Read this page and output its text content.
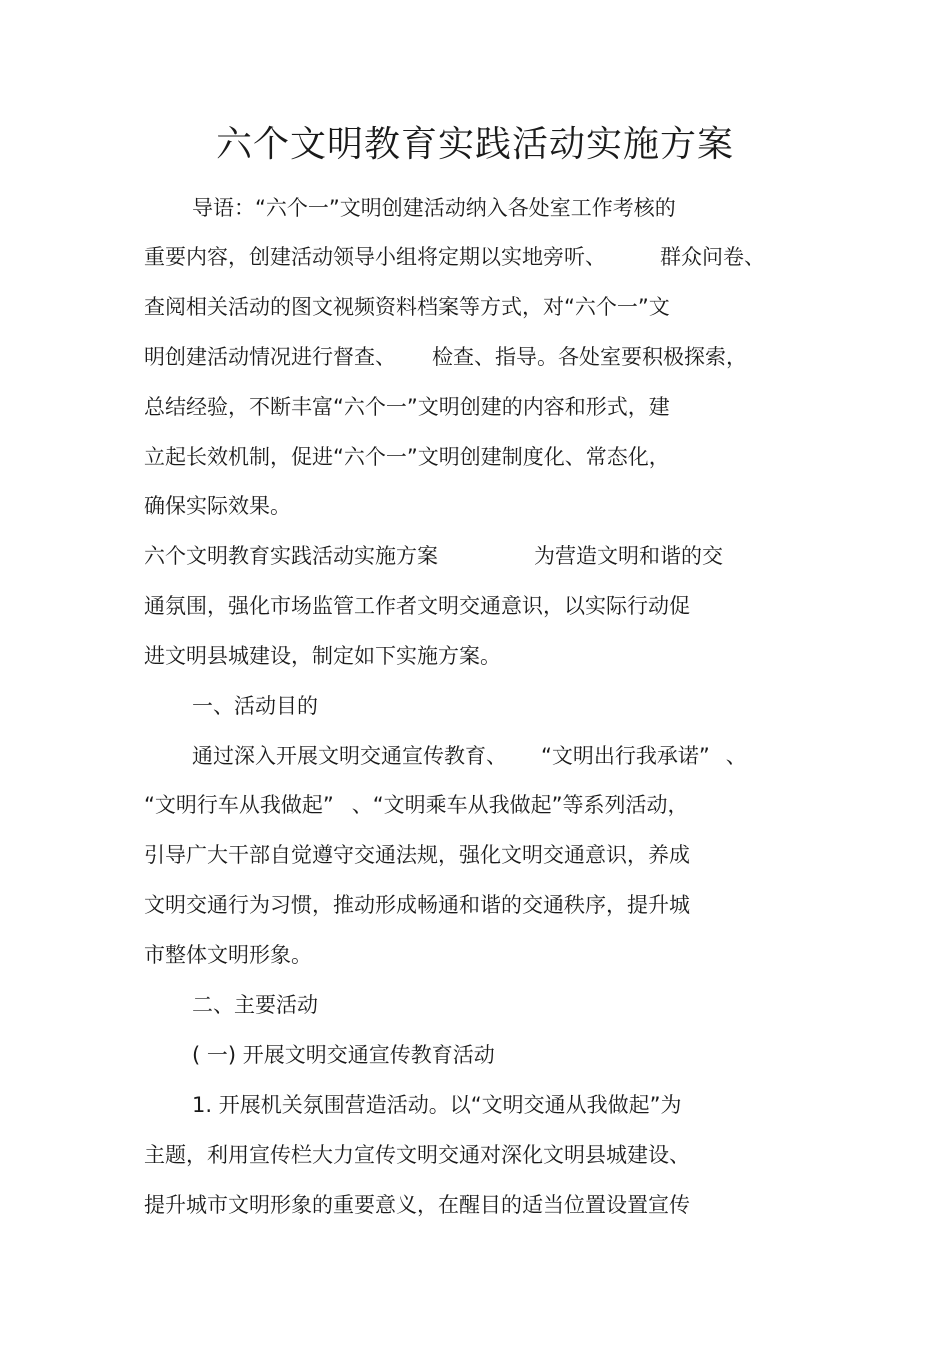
六个文明教育实践活动实施方案
导语：“六个一”文明创建活动纳入各处室工作考核的
重要内容，创建活动领导小组将定期以实地旁听、	群众问卷、
查阅相关活动的图文视频资料档案等方式，对“六个一”文
明创建活动情况进行督查、 检查、指导。各处室要积极探索，
总结经验，不断丰富“六个一”文明创建的内容和形式，建
立起长效机制，促进“六个一”文明创建制度化、常态化，
确保实际效果。
六个文明教育实践活动实施方案	为营造文明和谐的交
通氛围，强化市场监管工作者文明交通意识，以实际行动促
进文明县城建设，制定如下实施方案。
一、活动目的
通过深入开展文明交通宣传教育、 “文明出行我承诺” 、
“文明行车从我做起” 、“文明乘车从我做起”等系列活动，
引导广大干部自觉遵守交通法规，强化文明交通意识，养成
文明交通行为习惯，推动形成畅通和谐的交通秩序，提升城
市整体文明形象。
二、主要活动
( 一) 开展文明交通宣传教育活动
1. 开展机关氛围营造活动。以“文明交通从我做起”为
主题，利用宣传栏大力宣传文明交通对深化文明县城建设、
提升城市文明形象的重要意义，在醒目的适当位置设置宣传
